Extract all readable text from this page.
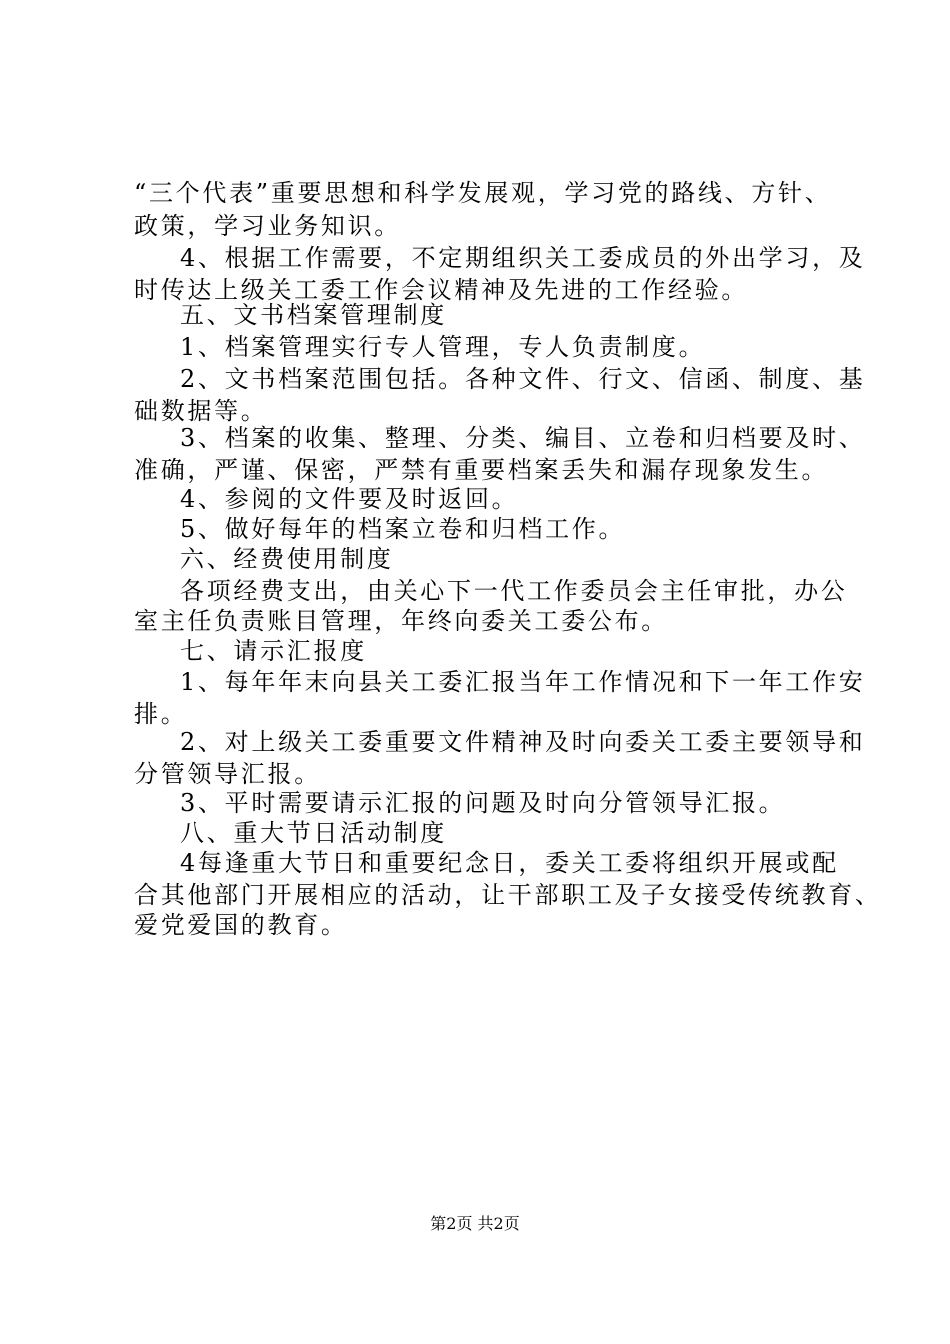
“三个代表”重要思想和科学发展观，学习党的路线、方针、
政策，学习业务知识。
4、根据工作需要，不定期组织关工委成员的外出学习，及
时传达上级关工委工作会议精神及先进的工作经验。
五、文书档案管理制度
1、档案管理实行专人管理，专人负责制度。
2、文书档案范围包括。各种文件、行文、信函、制度、基
础数据等。
3、档案的收集、整理、分类、编目、立卷和归档要及时、
准确，严谨、保密，严禁有重要档案丢失和漏存现象发生。
4、参阅的文件要及时返回。
5、做好每年的档案立卷和归档工作。
六、经费使用制度
各项经费支出，由关心下一代工作委员会主任审批，办公
室主任负责账目管理，年终向委关工委公布。
七、请示汇报度
1、每年年末向县关工委汇报当年工作情况和下一年工作安
排。
2、对上级关工委重要文件精神及时向委关工委主要领导和
分管领导汇报。
3、平时需要请示汇报的问题及时向分管领导汇报。
八、重大节日活动制度
4每逢重大节日和重要纪念日，委关工委将组织开展或配
合其他部门开展相应的活动，让干部职工及子女接受传统教育、
爱党爱国的教育。
第2页 共2页
